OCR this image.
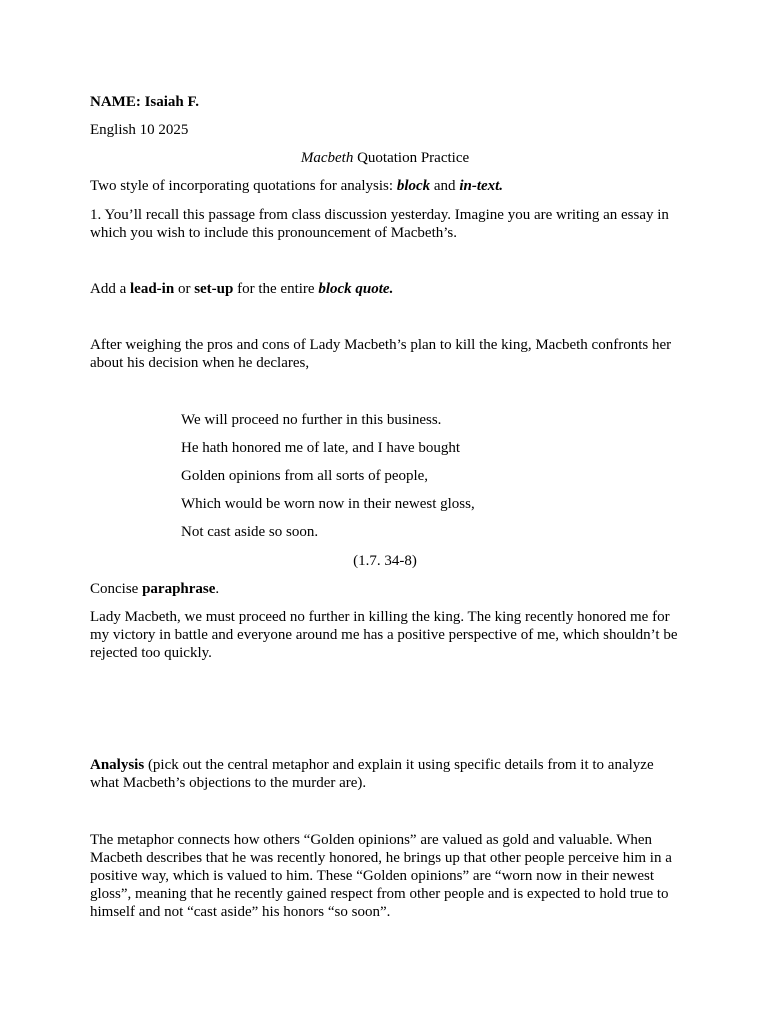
NAME: Isaiah F.

English 10 2025

Macbeth Quotation Practice

Two style of incorporating quotations for analysis: block and in-text.

1. You’ll recall this passage from class discussion yesterday. Imagine you are writing an essay in which you wish to include this pronouncement of Macbeth’s.

Add a lead-in or set-up for the entire block quote.

After weighing the pros and cons of Lady Macbeth’s plan to kill the king, Macbeth confronts her about his decision when he declares,

We will proceed no further in this business.

He hath honored me of late, and I have bought

Golden opinions from all sorts of people,

Which would be worn now in their newest gloss,

Not cast aside so soon.

(1.7. 34-8)

Concise paraphrase.

Lady Macbeth, we must proceed no further in killing the king. The king recently honored me for my victory in battle and everyone around me has a positive perspective of me, which shouldn’t be rejected too quickly.

Analysis (pick out the central metaphor and explain it using specific details from it to analyze what Macbeth’s objections to the murder are).

The metaphor connects how others “Golden opinions” are valued as gold and valuable. When Macbeth describes that he was recently honored, he brings up that other people perceive him in a positive way, which is valued to him. These “Golden opinions” are “worn now in their newest gloss”, meaning that he recently gained respect from other people and is expected to hold true to himself and not “cast aside” his honors “so soon”.
